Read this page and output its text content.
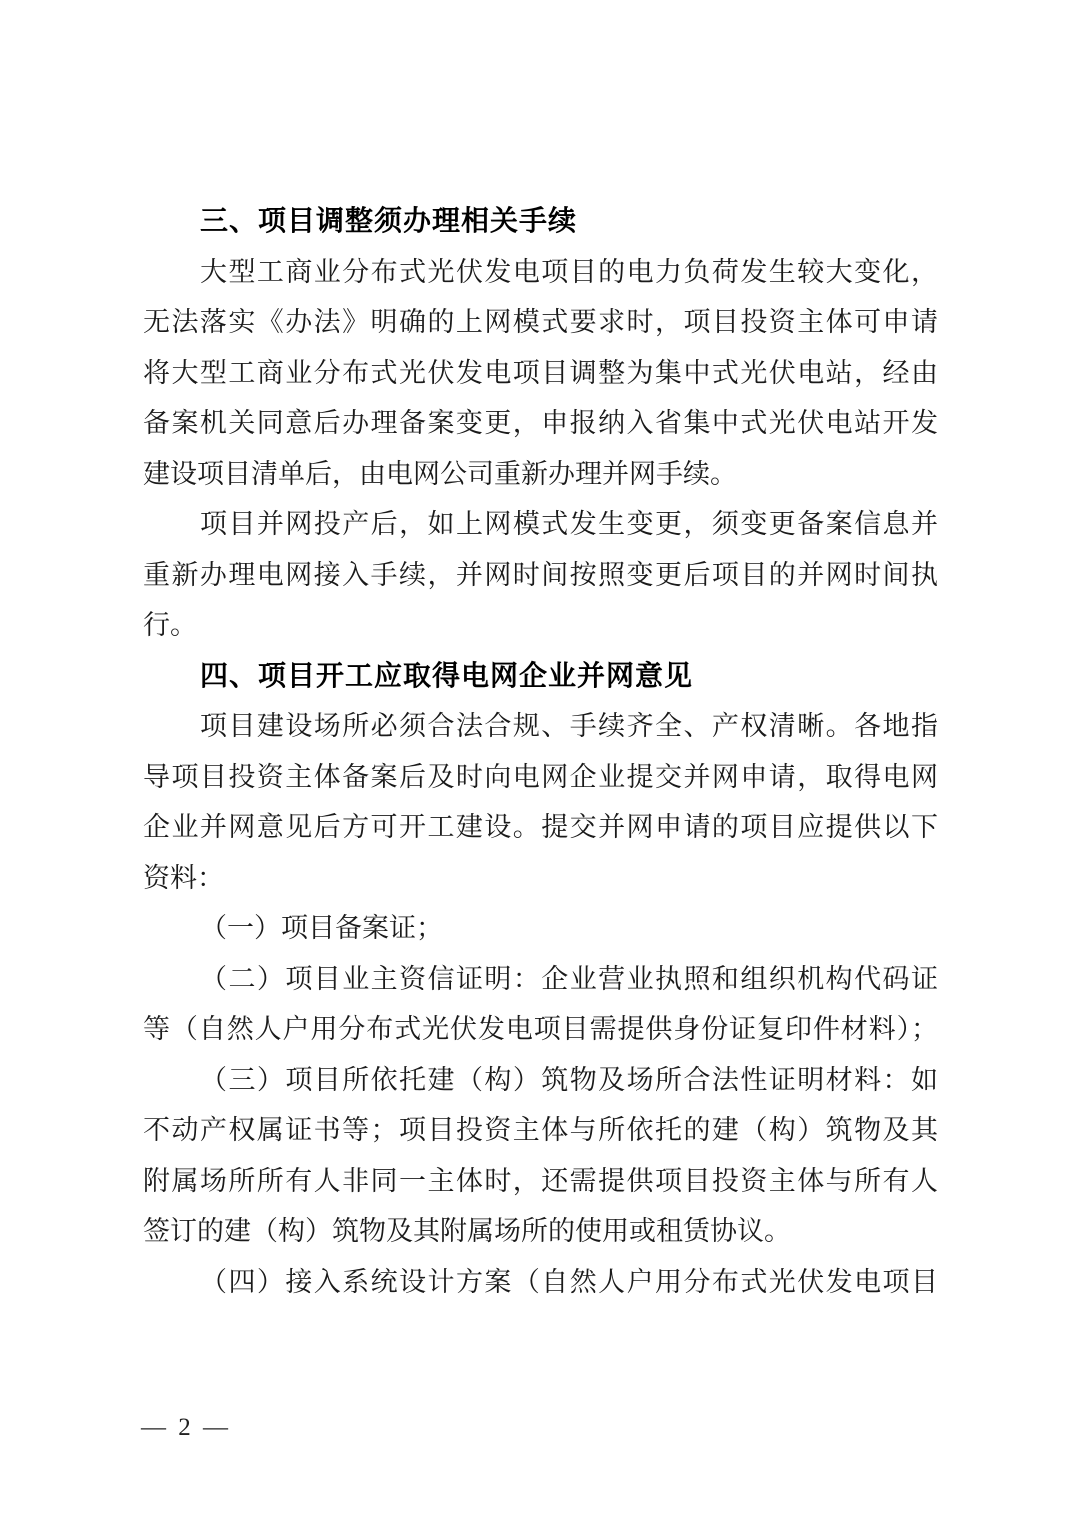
三、项目调整须办理相关手续
大型工商业分布式光伏发电项目的电力负荷发生较大变化，
无法落实《办法》明确的上网模式要求时，项目投资主体可申请
将大型工商业分布式光伏发电项目调整为集中式光伏电站，经由
备案机关同意后办理备案变更，申报纳入省集中式光伏电站开发
建设项目清单后，由电网公司重新办理并网手续。
项目并网投产后，如上网模式发生变更，须变更备案信息并
重新办理电网接入手续，并网时间按照变更后项目的并网时间执
行。
四、项目开工应取得电网企业并网意见
项目建设场所必须合法合规、手续齐全、产权清晰。各地指
导项目投资主体备案后及时向电网企业提交并网申请，取得电网
企业并网意见后方可开工建设。提交并网申请的项目应提供以下
资料：
（一）项目备案证；
（二）项目业主资信证明：企业营业执照和组织机构代码证
等（自然人户用分布式光伏发电项目需提供身份证复印件材料）；
（三）项目所依托建（构）筑物及场所合法性证明材料：如
不动产权属证书等；项目投资主体与所依托的建（构）筑物及其
附属场所所有人非同一主体时，还需提供项目投资主体与所有人
签订的建（构）筑物及其附属场所的使用或租赁协议。
（四）接入系统设计方案（自然人户用分布式光伏发电项目
— 2 —
